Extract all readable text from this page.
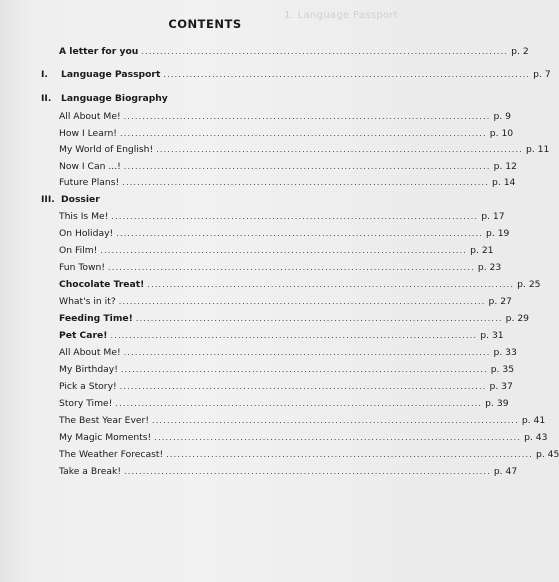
1. Language Passport
CONTENTS
A letter for you .................................................................................................. p. 2
I. Language Passport .................................................................................................. p. 7
II. Language Biography
All About Me! .................................................................................................. p. 9
How I Learn! .................................................................................................. p. 10
My World of English! .................................................................................................. p. 11
Now I Can ...! .................................................................................................. p. 12
Future Plans! .................................................................................................. p. 14
III. Dossier
This Is Me! .................................................................................................. p. 17
On Holiday! .................................................................................................. p. 19
On Film! .................................................................................................. p. 21
Fun Town! .................................................................................................. p. 23
Chocolate Treat! .................................................................................................. p. 25
What's in it? .................................................................................................. p. 27
Feeding Time! .................................................................................................. p. 29
Pet Care! .................................................................................................. p. 31
All About Me! .................................................................................................. p. 33
My Birthday! .................................................................................................. p. 35
Pick a Story! .................................................................................................. p. 37
Story Time! .................................................................................................. p. 39
The Best Year Ever! .................................................................................................. p. 41
My Magic Moments! .................................................................................................. p. 43
The Weather Forecast! .................................................................................................. p. 45
Take a Break! .................................................................................................. p. 47
